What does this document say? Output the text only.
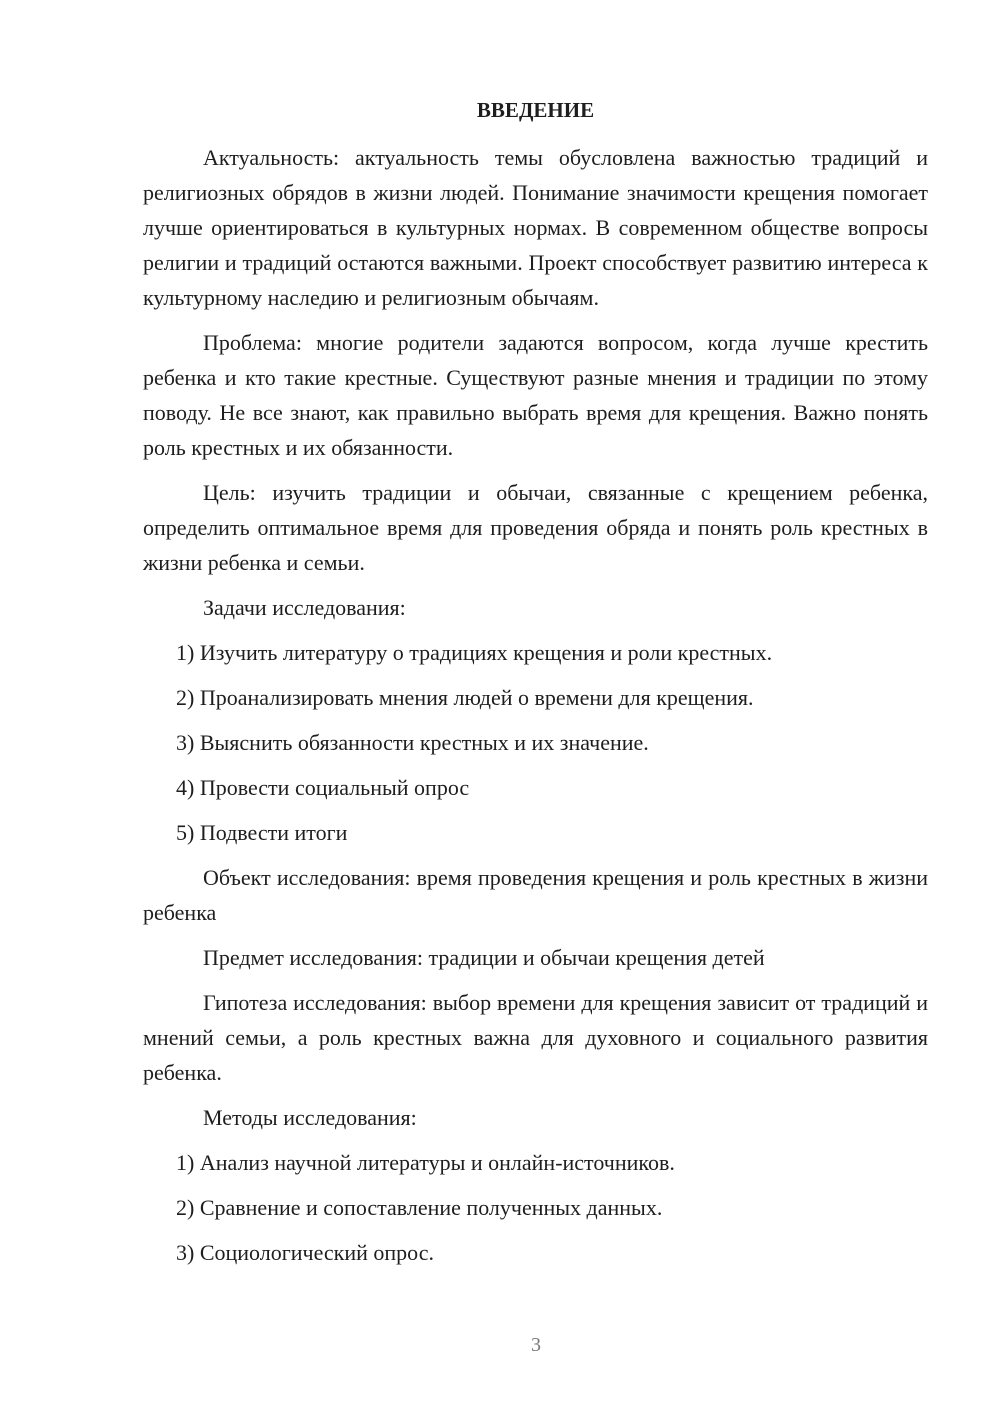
ВВЕДЕНИЕ

Актуальность: актуальность темы обусловлена важностью традиций и религиозных обрядов в жизни людей. Понимание значимости крещения помогает лучше ориентироваться в культурных нормах. В современном обществе вопросы религии и традиций остаются важными. Проект способствует развитию интереса к культурному наследию и религиозным обычаям.

Проблема: многие родители задаются вопросом, когда лучше крестить ребенка и кто такие крестные. Существуют разные мнения и традиции по этому поводу. Не все знают, как правильно выбрать время для крещения. Важно понять роль крестных и их обязанности.

Цель: изучить традиции и обычаи, связанные с крещением ребенка, определить оптимальное время для проведения обряда и понять роль крестных в жизни ребенка и семьи.

Задачи исследования:

1) Изучить литературу о традициях крещения и роли крестных.

2) Проанализировать мнения людей о времени для крещения.

3) Выяснить обязанности крестных и их значение.

4) Провести социальный опрос

5) Подвести итоги

Объект исследования: время проведения крещения и роль крестных в жизни ребенка

Предмет исследования: традиции и обычаи крещения детей

Гипотеза исследования: выбор времени для крещения зависит от традиций и мнений семьи, а роль крестных важна для духовного и социального развития ребенка.

Методы исследования:

1) Анализ научной литературы и онлайн-источников.

2) Сравнение и сопоставление полученных данных.

3) Социологический опрос.

3
